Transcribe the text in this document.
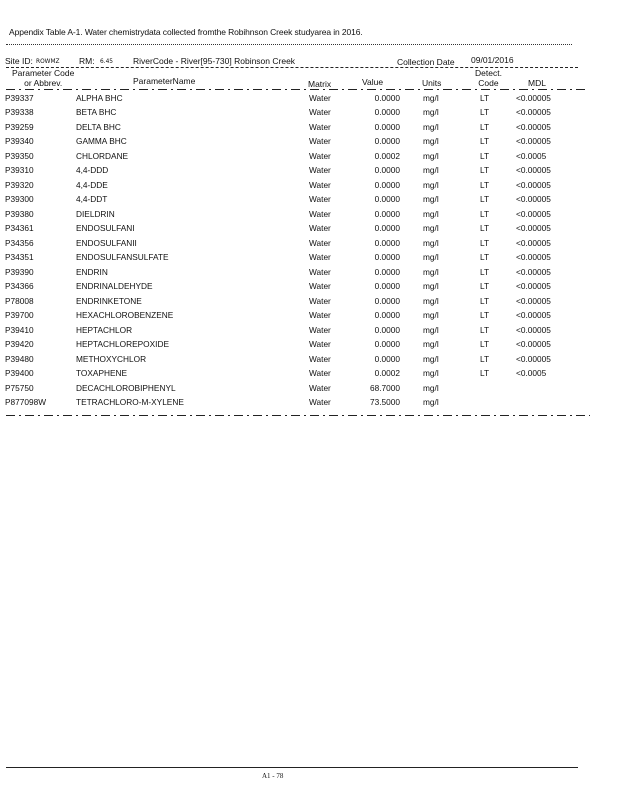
Appendix Table A-1. Water chemistrydata collected fromthe Robihnson Creek studyarea in 2016.
Site ID: ROWMZ RM: 6.45 RiverCode - River[95-730] Robinson Creek	Collection Date 09/01/2016
Parameter Code
or Abbrev.	ParameterName	Matrix	Value	Units
Detect.
Code	MDL
P39337	ALPHA BHC	Water	0.0000	mg/l	LT	<0.00005
P39338	BETA BHC	Water	0.0000	mg/l	LT	<0.00005
P39259	DELTA BHC	Water	0.0000	mg/l	LT	<0.00005
P39340	GAMMA BHC	Water	0.0000	mg/l	LT	<0.00005
P39350	CHLORDANE	Water	0.0002	mg/l	LT	<0.0005
P39310	4,4-DDD	Water	0.0000	mg/l	LT	<0.00005
P39320	4,4-DDE	Water	0.0000	mg/l	LT	<0.00005
P39300	4,4-DDT	Water	0.0000	mg/l	LT	<0.00005
P39380	DIELDRIN	Water	0.0000	mg/l	LT	<0.00005
P34361	ENDOSULFANI	Water	0.0000	mg/l	LT	<0.00005
P34356	ENDOSULFANII	Water	0.0000	mg/l	LT	<0.00005
P34351	ENDOSULFANSULFATE	Water	0.0000	mg/l	LT	<0.00005
P39390	ENDRIN	Water	0.0000	mg/l	LT	<0.00005
P34366	ENDRINALDEHYDE	Water	0.0000	mg/l	LT	<0.00005
P78008	ENDRINKETONE	Water	0.0000	mg/l	LT	<0.00005
P39700	HEXACHLOROBENZENE	Water	0.0000	mg/l	LT	<0.00005
P39410	HEPTACHLOR	Water	0.0000	mg/l	LT	<0.00005
P39420	HEPTACHLOREPOXIDE	Water	0.0000	mg/l	LT	<0.00005
P39480	METHOXYCHLOR	Water	0.0000	mg/l	LT	<0.00005
P39400	TOXAPHENE	Water	0.0002	mg/l	LT	<0.0005
P75750	DECACHLOROBIPHENYL	Water	68.7000	mg/l
P877098W	TETRACHLORO-M-XYLENE	Water	73.5000	mg/l
A1 - 78
